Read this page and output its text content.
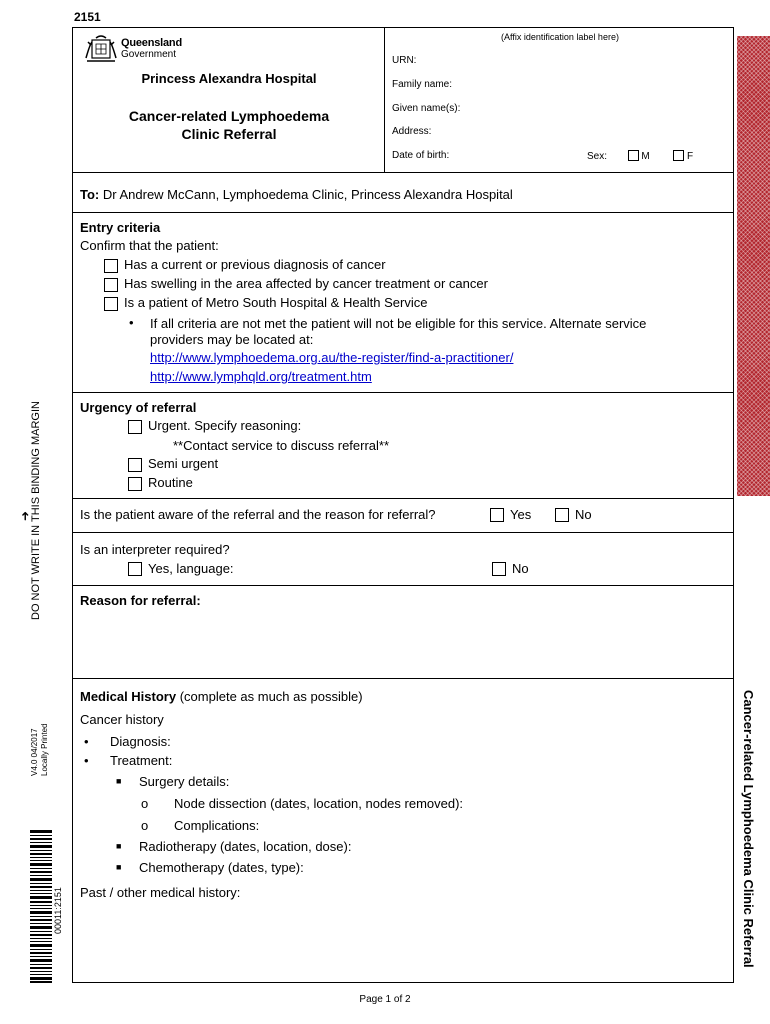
2151
Queensland
Government
Princess Alexandra Hospital
Cancer-related Lymphoedema
Clinic Referral
(Affix identification label here)
URN:
Family name:
Given name(s):
Address:
Date of birth:	Sex:	M	F
To: Dr Andrew McCann, Lymphoedema Clinic, Princess Alexandra Hospital
Entry criteria
Confirm that the patient:
Has a current or previous diagnosis of cancer
Has swelling in the area affected by cancer treatment or cancer
Is a patient of Metro South Hospital & Health Service
• If all criteria are not met the patient will not be eligible for this service. Alternate service
providers may be located at:
http://www.lymphoedema.org.au/the-register/find-a-practitioner/
http://www.lymphqld.org/treatment.htm
Urgency of referral
Urgent. Specify reasoning:
**Contact service to discuss referral**
Semi urgent
Routine
Is the patient aware of the referral and the reason for referral?	Yes	No
Is an interpreter required?
Yes, language:	No
Reason for referral:
Medical History (complete as much as possible)
Cancer history
• Diagnosis:
• Treatment:
■ Surgery details:
o Node dissection (dates, location, nodes removed):
o Complications:
■ Radiotherapy (dates, location, dose):
■ Chemotherapy (dates, type):
Past / other medical history:
➜
DO NOT WRITE IN THIS BINDING MARGIN
V4.0 04/2017 Locally Printed
00011:2151	Cancer-related Lymphoedema Clinic Referral
Page 1 of 2
